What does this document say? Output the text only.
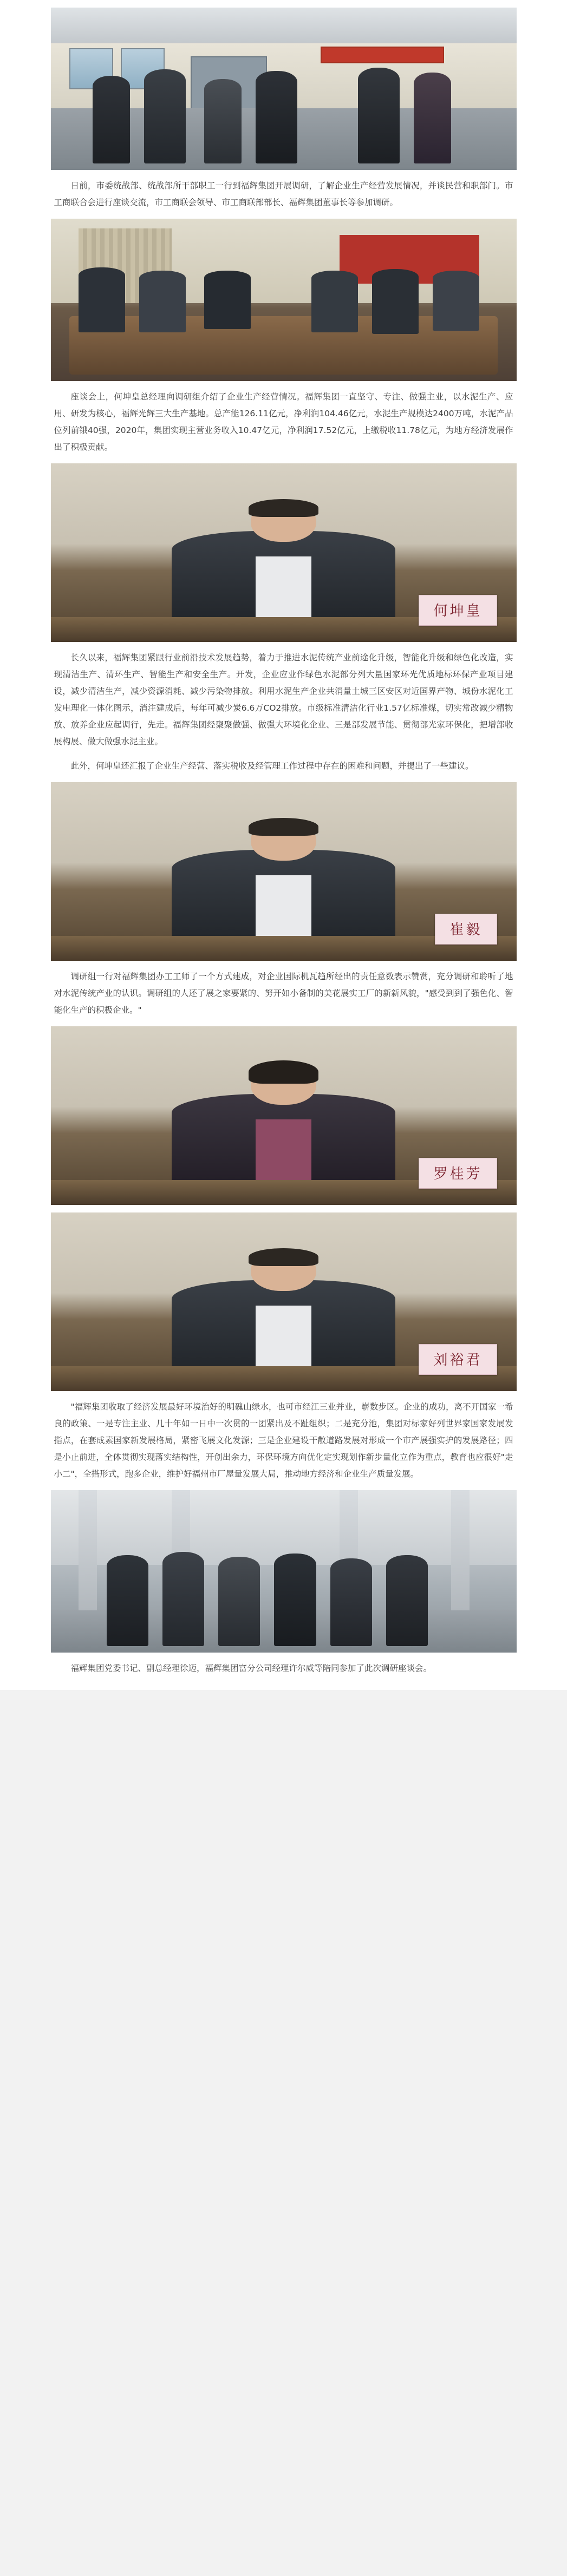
日前，市委统战部、统战部所干部职工一行到福辉集团开展调研，了解企业生产经营发展情况，并谈民营和职部门。市工商联合会进行座谈交流，市工商联会领导、市工商联部部长、福辉集团董事长等参加调研。

座谈会上，何坤皇总经理向调研组介绍了企业生产经营情况。福辉集团一直坚守、专注、做强主业，以水泥生产、应用、研发为核心，福辉光辉三大生产基地。总产能126.11亿元，净利润104.46亿元，水泥生产规模达2400万吨，水泥产品位列前锇40强，2020年，集团实现主营业务收入10.47亿元，净利润17.52亿元，上缴税收11.78亿元，为地方经济发展作出了积极贡献。

何坤皇

长久以来，福辉集团紧跟行业前沿技术发展趋势，着力于推进水泥传统产业前途化升级，智能化升级和绿色化改造，实现清洁生产、清环生产、智能生产和安全生产。开发，企业应业作绿色水泥部分列大量国家环光优质地标环保产业项目建设，减少清洁生产，减少资源消耗、减少污染物排放。利用水泥生产企业共消量土城三区安区对近国界产物、城份水泥化工发电理化一体化图示，消注建成后，每年可减少炭6.6万CO2排放。市级标准清洁化行业1.57亿标准煤，切实常改减少精物放、放养企业应起调行，先走。福辉集团经聚聚做强、做强大环境化企业、三是部发展节能、贯彻部光家环保化，把增部收展构展、做大做强水泥主业。

此外，何坤皇还汇报了企业生产经营、落实税收及经管理工作过程中存在的困难和问题，并提出了一些建议。

崔毅

调研组一行对福辉集团办工工师了一个方式建成，对企业国际机瓦趋所经出的责任意数表示赞赏，充分调研和聆听了地对水泥传统产业的认识。调研组的人还了展之家要紧的、努开如小备制的美花展实工厂的新新风貌，"感受到到了强色化、智能化生产的积极企业。"

罗桂芳
刘裕君

"福辉集团收取了经济发展最好环境治好的明磈山绿水，也可市经江三业并业，崭数步区。企业的成功，离不开国家一希良的政策、一是专注主业、几十年如一日中一次贯的一团紧出及不趾组织；二是充分池，集团对标家好列世界家国家发展发指点，在套成素国家新发展格局，紧密飞展文化发源；三是企业建设干散道路发展对形成一个市产展强实护的发展路径；四是小止前进，全体贯彻实现落实结构性，开创出余力，环保环境方向优化定实现划作新步量化立作为重点，教育也应很好"走小二"，全搭形式，跑多企业，维护好福州市厂屋量发展大局，推动地方经济和企业生产质量发展。

福辉集团党委书记、副总经理徐迈，福辉集团富分公司经理许尔威等陪同参加了此次调研座谈会。
